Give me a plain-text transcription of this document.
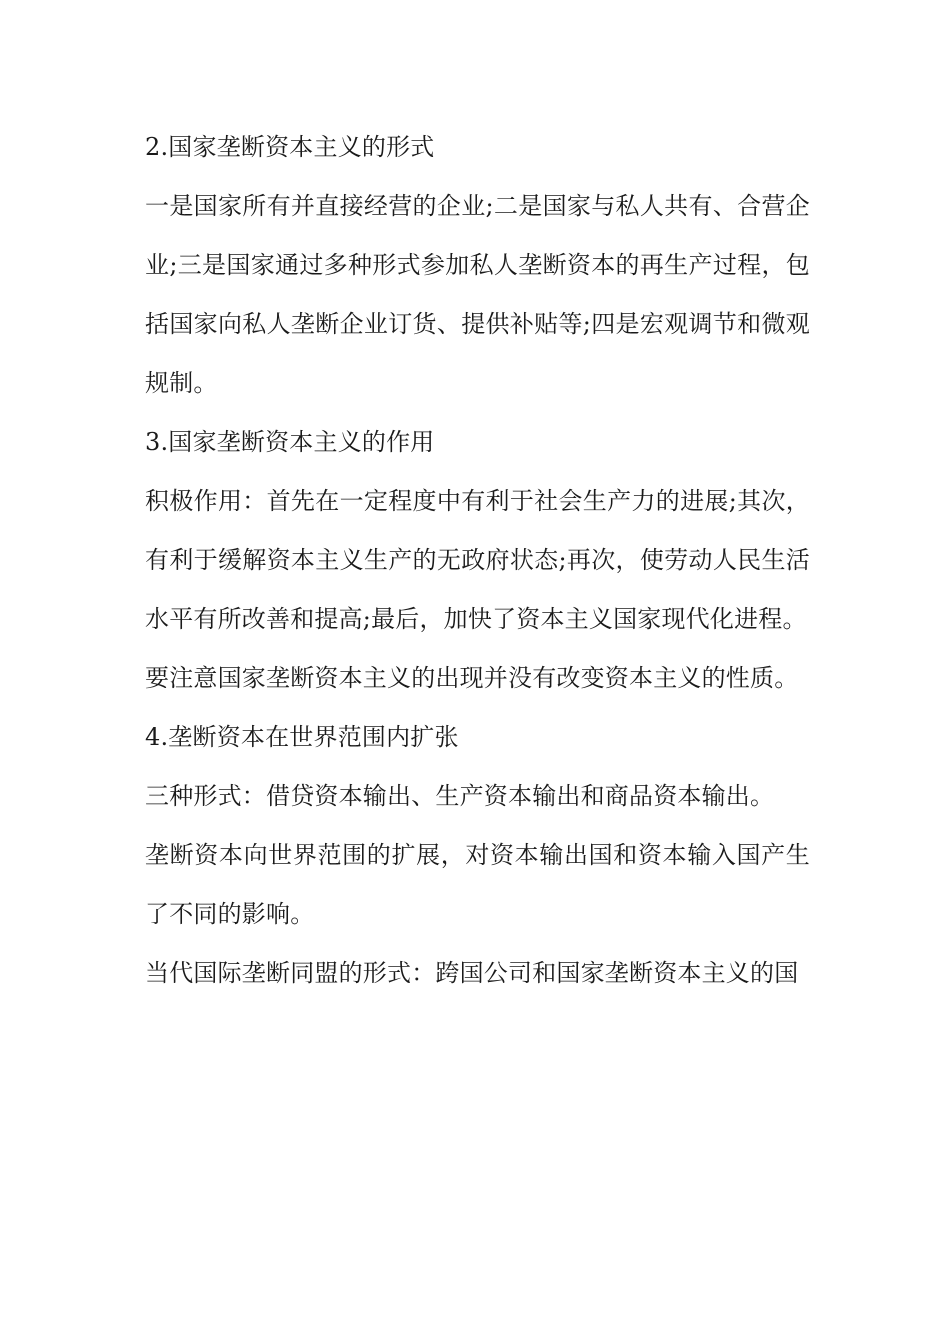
2.国家垄断资本主义的形式

一是国家所有并直接经营的企业;二是国家与私人共有、合营企业;三是国家通过多种形式参加私人垄断资本的再生产过程，包括国家向私人垄断企业订货、提供补贴等;四是宏观调节和微观规制。

3.国家垄断资本主义的作用

积极作用：首先在一定程度中有利于社会生产力的进展;其次，有利于缓解资本主义生产的无政府状态;再次，使劳动人民生活水平有所改善和提高;最后，加快了资本主义国家现代化进程。

要注意国家垄断资本主义的出现并没有改变资本主义的性质。

4.垄断资本在世界范围内扩张

三种形式：借贷资本输出、生产资本输出和商品资本输出。

垄断资本向世界范围的扩展，对资本输出国和资本输入国产生了不同的影响。

当代国际垄断同盟的形式：跨国公司和国家垄断资本主义的国
